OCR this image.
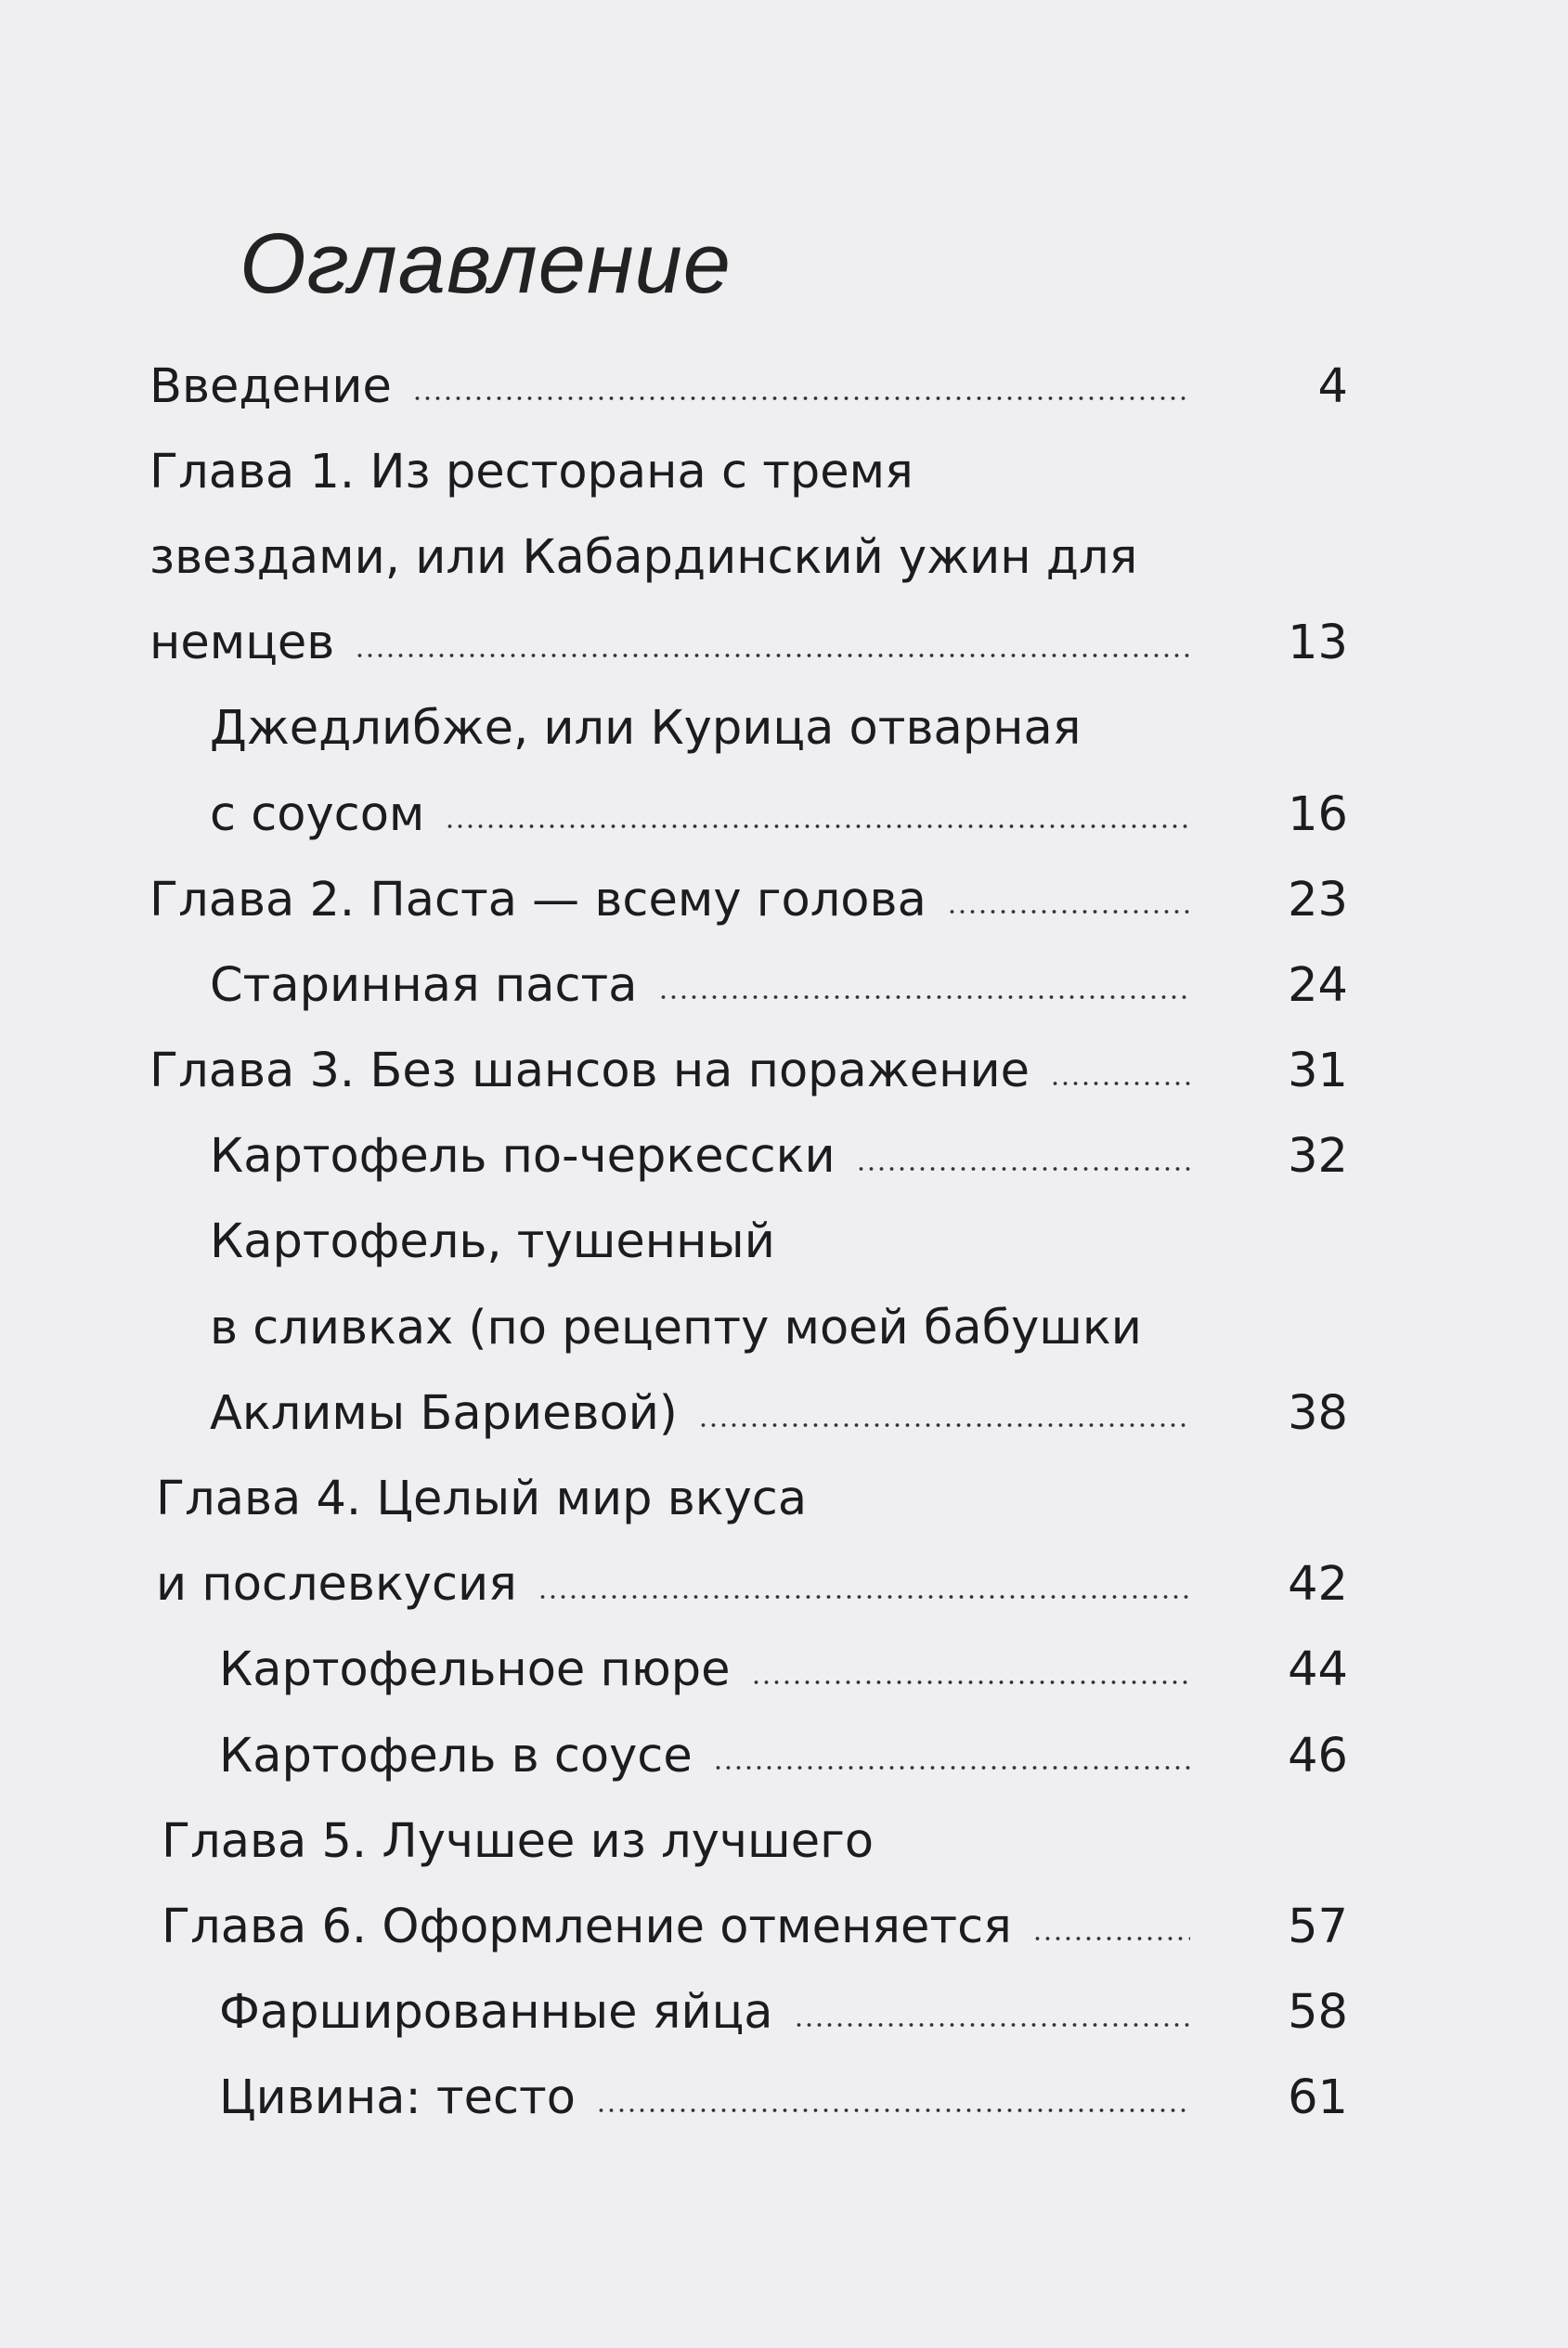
Оглавление
Введение	4
Глава 1. Из ресторана с тремя
звездами, или Кабардинский ужин для
немцев	13
Джедлибже, или Курица отварная
с соусом	16
Глава 2. Паста — всему голова	23
Старинная паста	24
Глава 3. Без шансов на поражение	31
Картофель по-черкесски	32
Картофель, тушенный
в сливках (по рецепту моей бабушки
Аклимы Бариевой)	38
Глава 4. Целый мир вкуса
и послевкусия	42
Картофельное пюре	44
Картофель в соусе	46
Глава 5. Лучшее из лучшего
Глава 6. Оформление отменяется	57
Фаршированные яйца	58
Цивина: тесто	61
